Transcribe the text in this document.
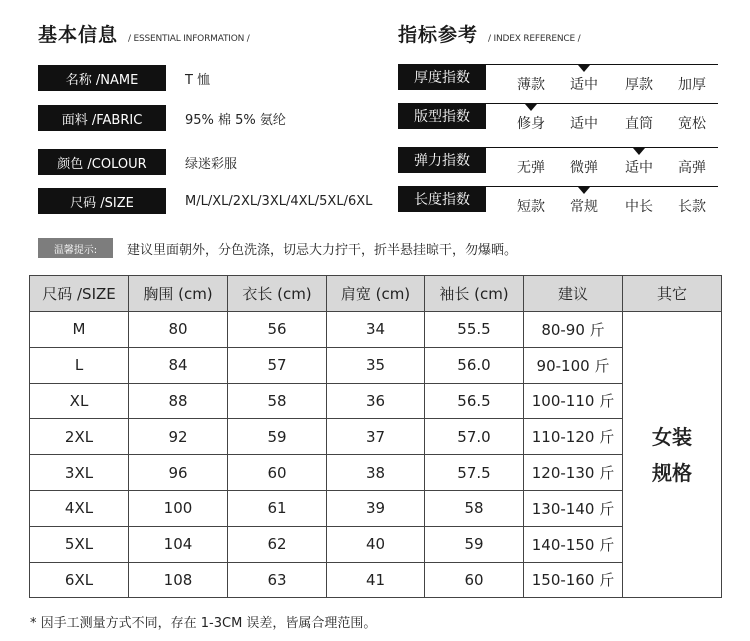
基本信息 / ESSENTIAL INFORMATION /	指标参考 / INDEX REFERENCE /
名称 /NAME	T 恤
面料 /FABRIC	95% 棉 5% 氨纶
颜色 /COLOUR	绿迷彩服
尺码 /SIZE	M/L/XL/2XL/3XL/4XL/5XL/6XL
厚度指数	薄款	适中	厚款	加厚
版型指数	修身	适中	直筒	宽松
弹力指数	无弹	微弹	适中	高弹
长度指数	短款	常规	中长	长款
温馨提示:	建议里面朝外，分色洗涤，切忌大力拧干，折半悬挂晾干，勿爆晒。
尺码 /SIZE	胸围 (cm)	衣长 (cm)	肩宽 (cm)	袖长 (cm)	建议	其它
M	80	56	34	55.5	80-90 斤	女装
规格

L	84	57	35	56.0	90-100 斤	
XL	88	58	36	56.5	100-110 斤	
2XL	92	59	37	57.0	110-120 斤	
3XL	96	60	38	57.5	120-130 斤	
4XL	100	61	39	58	130-140 斤	
5XL	104	62	40	59	140-150 斤	
6XL	108	63	41	60	150-160 斤	
* 因手工测量方式不同，存在 1-3CM 误差，皆属合理范围。
